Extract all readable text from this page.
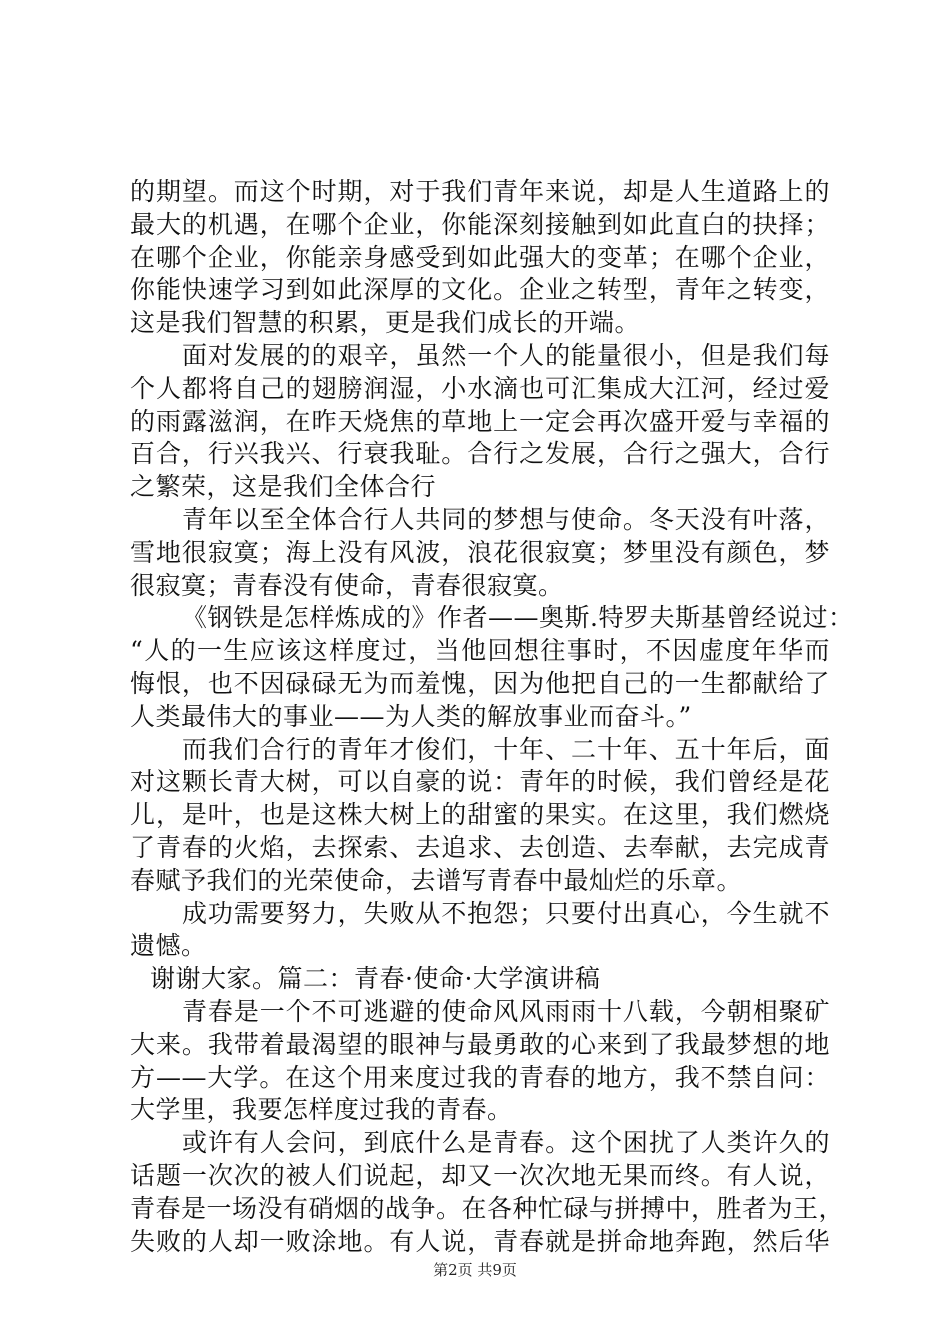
的期望。而这个时期，对于我们青年来说，却是人生道路上的
最大的机遇，在哪个企业，你能深刻接触到如此直白的抉择；
在哪个企业，你能亲身感受到如此强大的变革；在哪个企业，
你能快速学习到如此深厚的文化。企业之转型，青年之转变，
这是我们智慧的积累，更是我们成长的开端。
面对发展的的艰辛，虽然一个人的能量很小，但是我们每
个人都将自己的翅膀润湿，小水滴也可汇集成大江河，经过爱
的雨露滋润，在昨天烧焦的草地上一定会再次盛开爱与幸福的
百合，行兴我兴、行衰我耻。合行之发展，合行之强大，合行
之繁荣，这是我们全体合行
青年以至全体合行人共同的梦想与使命。冬天没有叶落，
雪地很寂寞；海上没有风波，浪花很寂寞；梦里没有颜色，梦
很寂寞；青春没有使命，青春很寂寞。
《钢铁是怎样炼成的》作者——奥斯.特罗夫斯基曾经说过：
“人的一生应该这样度过，当他回想往事时，不因虚度年华而
悔恨，也不因碌碌无为而羞愧，因为他把自己的一生都献给了
人类最伟大的事业——为人类的解放事业而奋斗。”
而我们合行的青年才俊们，十年、二十年、五十年后，面
对这颗长青大树，可以自豪的说：青年的时候，我们曾经是花
儿，是叶，也是这株大树上的甜蜜的果实。在这里，我们燃烧
了青春的火焰，去探索、去追求、去创造、去奉献，去完成青
春赋予我们的光荣使命，去谱写青春中最灿烂的乐章。
成功需要努力，失败从不抱怨；只要付出真心，今生就不
遗憾。
谢谢大家。篇二：青春·使命·大学演讲稿
青春是一个不可逃避的使命风风雨雨十八载，今朝相聚矿
大来。我带着最渴望的眼神与最勇敢的心来到了我最梦想的地
方——大学。在这个用来度过我的青春的地方，我不禁自问：
大学里，我要怎样度过我的青春。
或许有人会问，到底什么是青春。这个困扰了人类许久的
话题一次次的被人们说起，却又一次次地无果而终。有人说，
青春是一场没有硝烟的战争。在各种忙碌与拼搏中，胜者为王，
失败的人却一败涂地。有人说，青春就是拼命地奔跑，然后华
第2页 共9页
